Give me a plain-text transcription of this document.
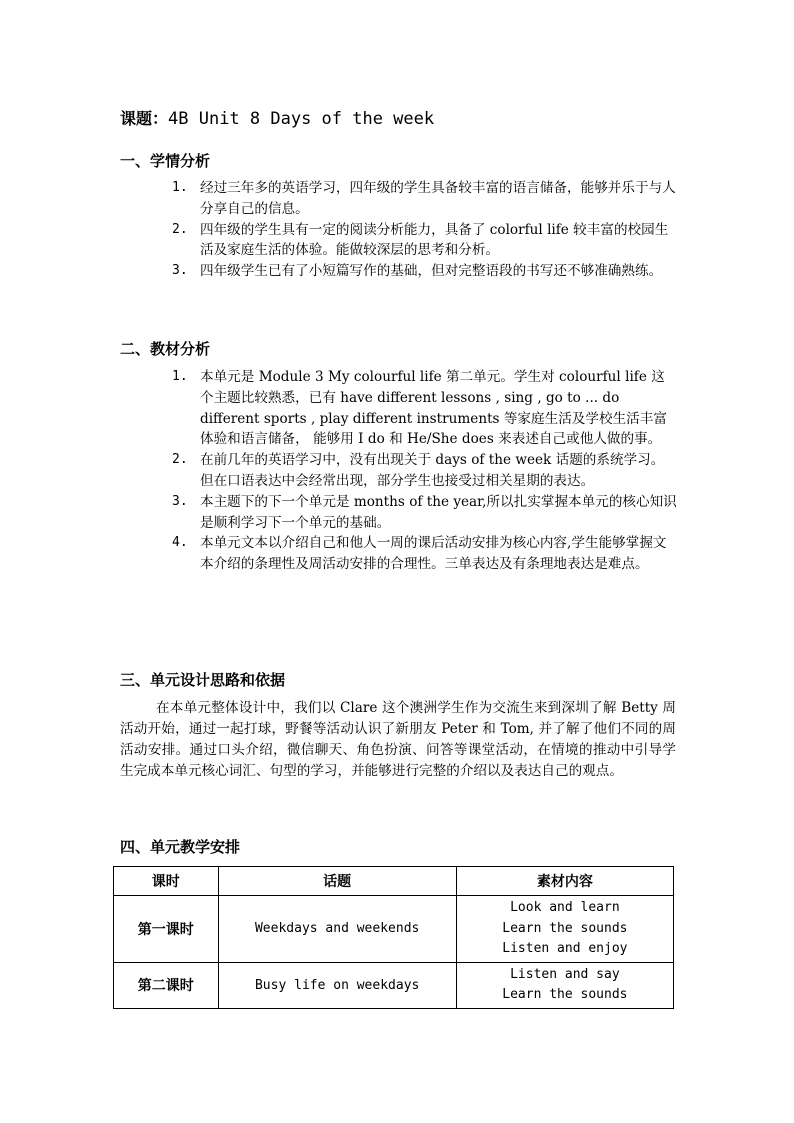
课题：4B Unit 8 Days of the week
一、学情分析
1. 经过三年多的英语学习，四年级的学生具备较丰富的语言储备，能够并乐于与人分享自己的信息。
2. 四年级的学生具有一定的阅读分析能力，具备了 colorful life 较丰富的校园生活及家庭生活的体验。能做较深层的思考和分析。
3. 四年级学生已有了小短篇写作的基础，但对完整语段的书写还不够准确熟练。
二、教材分析
1. 本单元是 Module 3 My colourful life 第二单元。学生对 colourful life 这个主题比较熟悉，已有 have different lessons , sing , go to ... do different sports , play different instruments 等家庭生活及学校生活丰富体验和语言储备， 能够用 I do 和 He/She does 来表述自己或他人做的事。
2. 在前几年的英语学习中，没有出现关于 days of the week 话题的系统学习。但在口语表达中会经常出现，部分学生也接受过相关星期的表达。
3. 本主题下的下一个单元是 months of the year,所以扎实掌握本单元的核心知识是顺利学习下一个单元的基础。
4. 本单元文本以介绍自己和他人一周的课后活动安排为核心内容,学生能够掌握文本介绍的条理性及周活动安排的合理性。三单表达及有条理地表达是难点。
三、单元设计思路和依据

在本单元整体设计中，我们以 Clare 这个澳洲学生作为交流生来到深圳了解 Betty 周活动开始，通过一起打球，野餐等活动认识了新朋友 Peter 和 Tom, 并了解了他们不同的周活动安排。通过口头介绍，微信聊天、角色扮演、问答等课堂活动，在情境的推动中引导学生完成本单元核心词汇、句型的学习，并能够进行完整的介绍以及表达自己的观点。

四、单元教学安排
课时	话题	素材内容
第一课时	Weekdays and weekends	Look and learn
Learn the sounds
Listen and enjoy

第二课时	Busy life on weekdays	Listen and say
Learn the sounds
